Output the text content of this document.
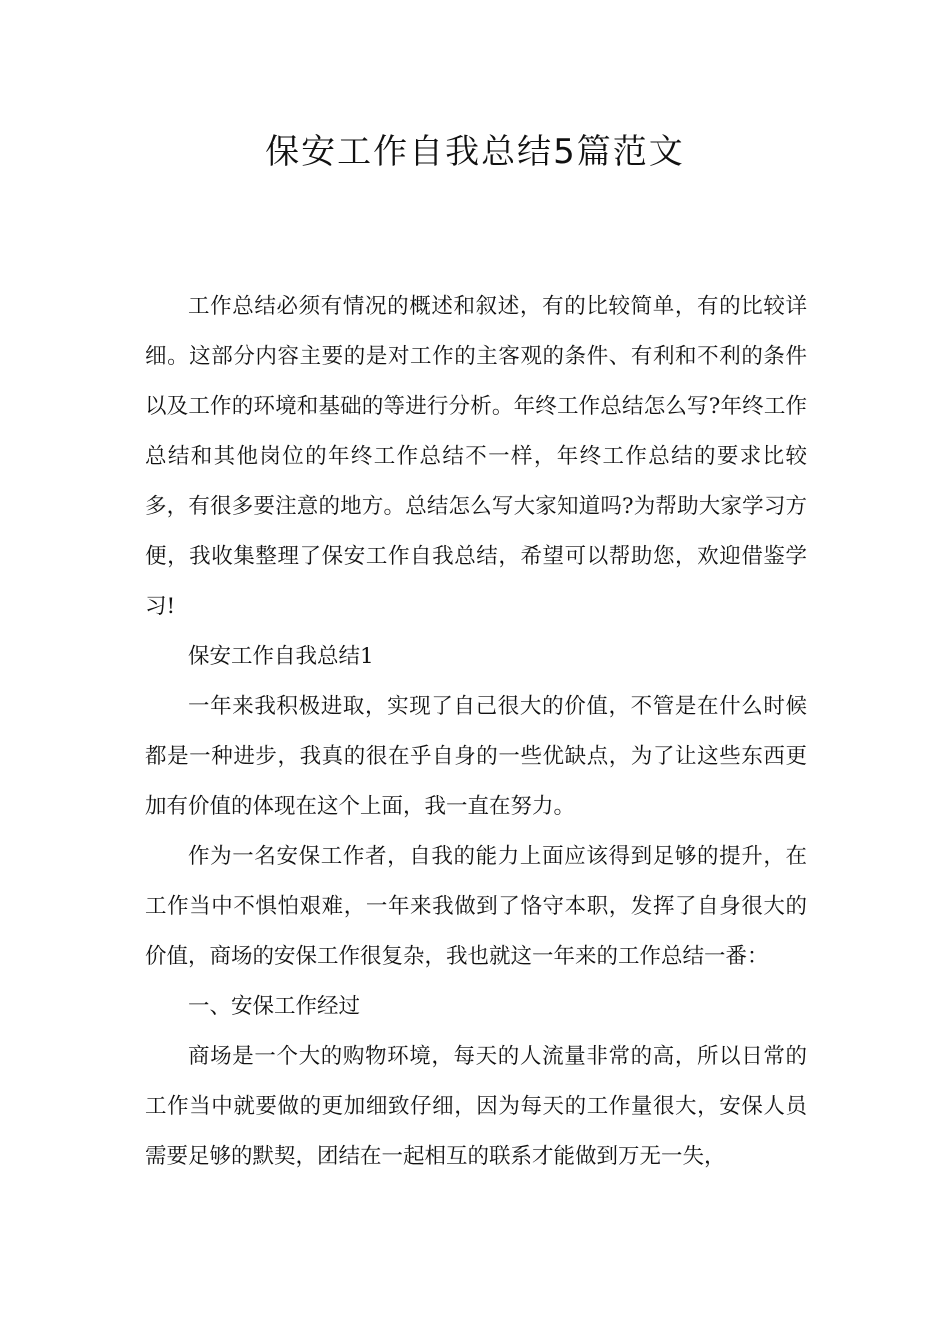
保安工作自我总结5篇范文

工作总结必须有情况的概述和叙述，有的比较简单，有的比较详细。这部分内容主要的是对工作的主客观的条件、有利和不利的条件以及工作的环境和基础的等进行分析。年终工作总结怎么写?年终工作总结和其他岗位的年终工作总结不一样，年终工作总结的要求比较多，有很多要注意的地方。总结怎么写大家知道吗?为帮助大家学习方便，我收集整理了保安工作自我总结，希望可以帮助您，欢迎借鉴学习!

保安工作自我总结1

一年来我积极进取，实现了自己很大的价值，不管是在什么时候都是一种进步，我真的很在乎自身的一些优缺点，为了让这些东西更加有价值的体现在这个上面，我一直在努力。

作为一名安保工作者，自我的能力上面应该得到足够的提升，在工作当中不惧怕艰难，一年来我做到了恪守本职，发挥了自身很大的价值，商场的安保工作很复杂，我也就这一年来的工作总结一番：

一、安保工作经过

商场是一个大的购物环境，每天的人流量非常的高，所以日常的工作当中就要做的更加细致仔细，因为每天的工作量很大，安保人员需要足够的默契，团结在一起相互的联系才能做到万无一失，
